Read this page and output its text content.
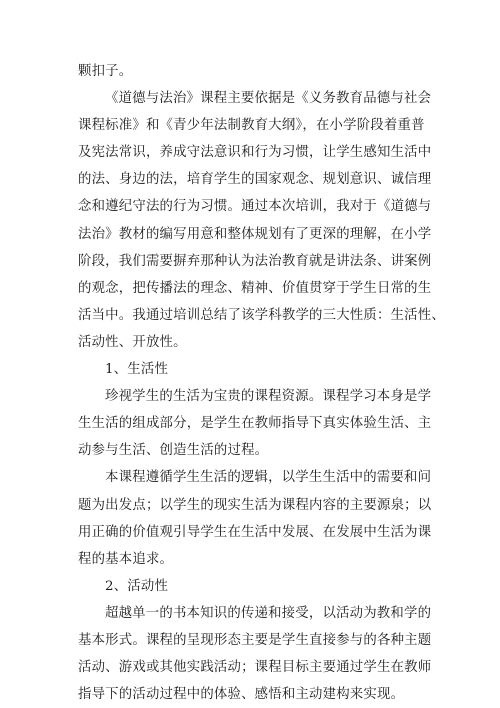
颗扣子。
《道德与法治》课程主要依据是《义务教育品德与社会
课程标准》和《青少年法制教育大纲》，在小学阶段着重普
及宪法常识，养成守法意识和行为习惯，让学生感知生活中
的法、身边的法，培育学生的国家观念、规划意识、诚信理
念和遵纪守法的行为习惯。通过本次培训，我对于《道德与
法治》教材的编写用意和整体规划有了更深的理解，在小学
阶段，我们需要摒弃那种认为法治教育就是讲法条、讲案例
的观念，把传播法的理念、精神、价值贯穿于学生日常的生
活当中。我通过培训总结了该学科教学的三大性质：生活性、
活动性、开放性。
1、生活性
珍视学生的生活为宝贵的课程资源。课程学习本身是学
生生活的组成部分，是学生在教师指导下真实体验生活、主
动参与生活、创造生活的过程。
本课程遵循学生生活的逻辑，以学生生活中的需要和问
题为出发点；以学生的现实生活为课程内容的主要源泉；以
用正确的价值观引导学生在生活中发展、在发展中生活为课
程的基本追求。
2、活动性
超越单一的书本知识的传递和接受，以活动为教和学的
基本形式。课程的呈现形态主要是学生直接参与的各种主题
活动、游戏或其他实践活动；课程目标主要通过学生在教师
指导下的活动过程中的体验、感悟和主动建构来实现。
